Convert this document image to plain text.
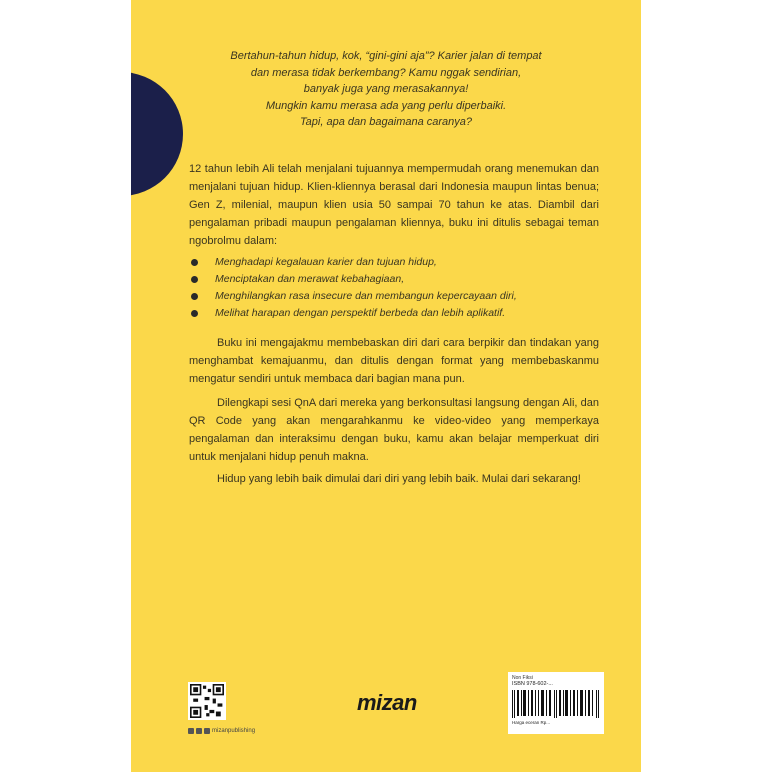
Bertahun-tahun hidup, kok, “gini-gini aja”? Karier jalan di tempat

dan merasa tidak berkembang? Kamu nggak sendirian,

banyak juga yang merasakannya!

Mungkin kamu merasa ada yang perlu diperbaiki.

Tapi, apa dan bagaimana caranya?

12 tahun lebih Ali telah menjalani tujuannya mempermudah orang menemukan dan menjalani tujuan hidup. Klien-kliennya berasal dari Indonesia maupun lintas benua; Gen Z, milenial, maupun klien usia 50 sampai 70 tahun ke atas. Diambil dari pengalaman pribadi maupun pengalaman kliennya, buku ini ditulis sebagai teman ngobrolmu dalam:

Menghadapi kegalauan karier dan tujuan hidup,
Menciptakan dan merawat kebahagiaan,
Menghilangkan rasa insecure dan membangun kepercayaan diri,
Melihat harapan dengan perspektif berbeda dan lebih aplikatif.

Buku ini mengajakmu membebaskan diri dari cara berpikir dan tindakan yang menghambat kemajuanmu, dan ditulis dengan format yang membebaskanmu mengatur sendiri untuk membaca dari bagian mana pun.

Dilengkapi sesi QnA dari mereka yang berkonsultasi langsung dengan Ali, dan QR Code yang akan mengarahkanmu ke video-video yang memperkaya pengalaman dan interaksimu dengan buku, kamu akan belajar memperkuat diri untuk menjalani hidup penuh makna.

Hidup yang lebih baik dimulai dari diri yang lebih baik. Mulai dari sekarang!

mizanpublishing
mizan
Non Fiksi
ISBN 978-602-...
Harga eceran Rp...
